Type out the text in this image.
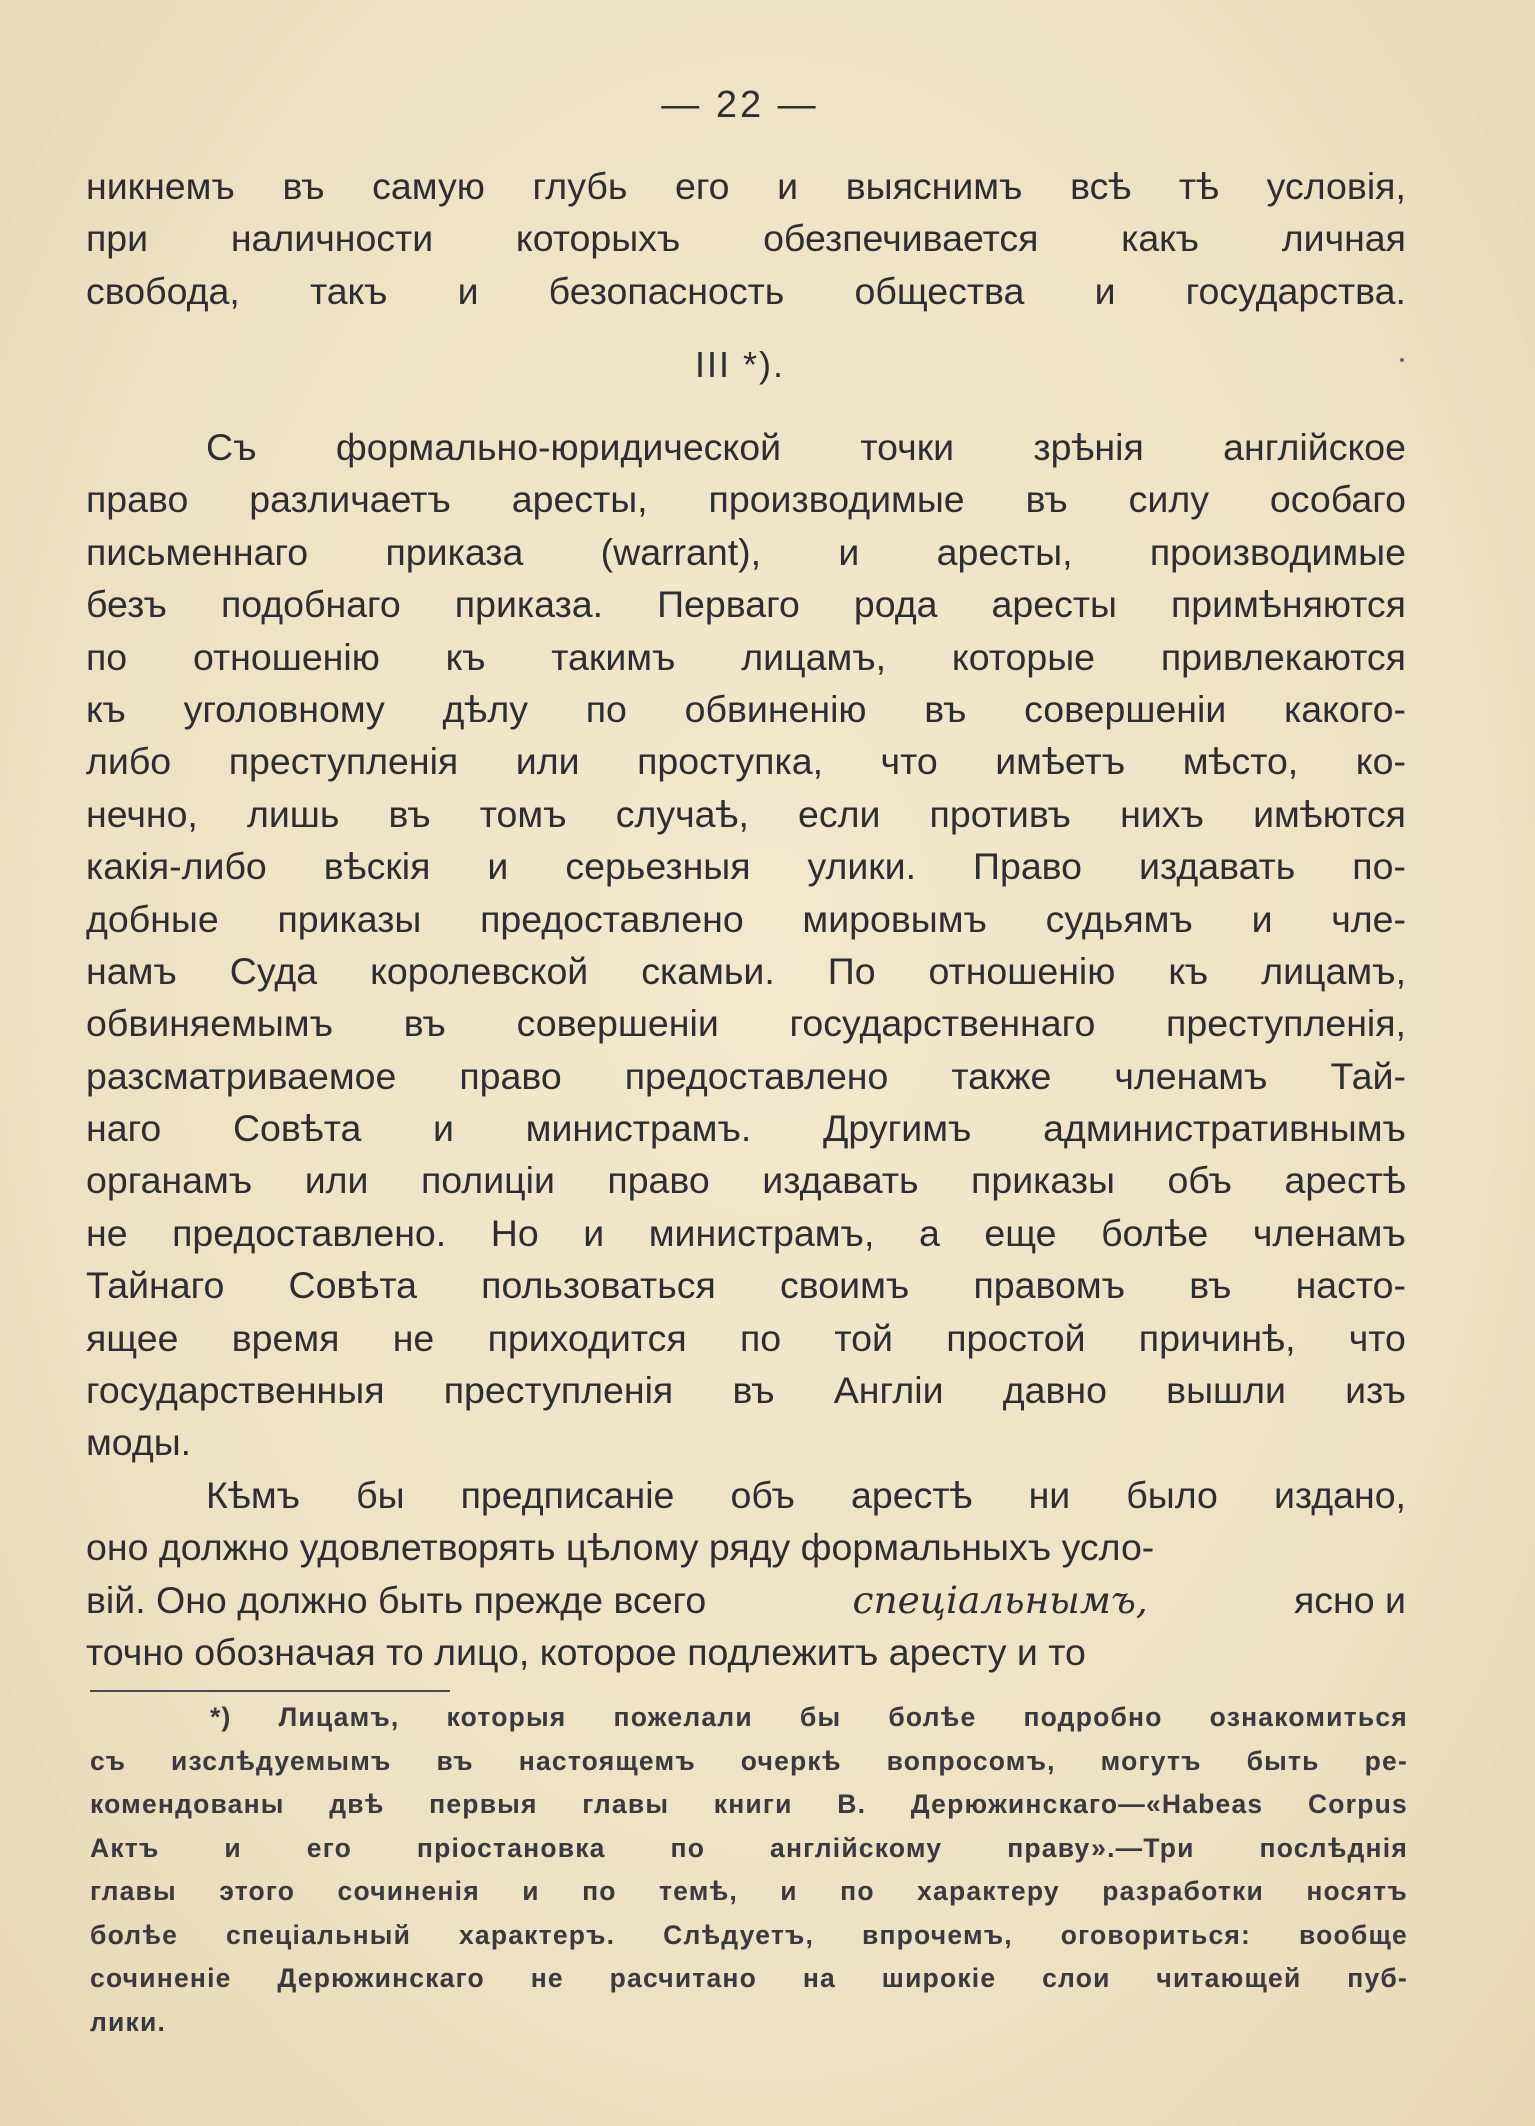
— 22 —
никнемъ въ самую глубь его и выяснимъ всѣ тѣ условія,
при наличности которыхъ обезпечивается какъ личная
свобода, такъ и безопасность общества и государства.
III *).
Съ формально-юридической точки зрѣнія англійское
право различаетъ аресты, производимые въ силу особаго
письменнаго приказа (warrant), и аресты, производимые
безъ подобнаго приказа. Перваго рода аресты примѣняются
по отношенію къ такимъ лицамъ, которые привлекаются
къ уголовному дѣлу по обвиненію въ совершеніи какого-
либо преступленія или проступка, что имѣетъ мѣсто, ко-
нечно, лишь въ томъ случаѣ, если противъ нихъ имѣются
какія-либо вѣскія и серьезныя улики. Право издавать по-
добные приказы предоставлено мировымъ судьямъ и чле-
намъ Суда королевской скамьи. По отношенію къ лицамъ,
обвиняемымъ въ совершеніи государственнаго преступленія,
разсматриваемое право предоставлено также членамъ Тай-
наго Совѣта и министрамъ. Другимъ административнымъ
органамъ или полиціи право издавать приказы объ арестѣ
не предоставлено. Но и министрамъ, а еще болѣе членамъ
Тайнаго Совѣта пользоваться своимъ правомъ въ насто-
ящее время не приходится по той простой причинѣ, что
государственныя преступленія въ Англіи давно вышли изъ
моды.
Кѣмъ бы предписаніе объ арестѣ ни было издано,
оно должно удовлетворять цѣлому ряду формальныхъ усло-
вій. Оно должно быть прежде всего	спеціальнымъ,	ясно и
точно обозначая то лицо, которое подлежитъ аресту и то
*) Лицамъ, которыя пожелали бы болѣе подробно ознакомиться
съ изслѣдуемымъ въ настоящемъ очеркѣ вопросомъ, могутъ быть ре-
комендованы двѣ первыя главы книги В. Дерюжинскаго—«Habeas Corpus
Актъ и его пріостановка по англійскому праву».—Три послѣднія
главы этого сочиненія и по темѣ, и по характеру разработки носятъ
болѣе спеціальный характеръ. Слѣдуетъ, впрочемъ, оговориться: вообще
сочиненіе Дерюжинскаго не расчитано на широкіе слои читающей пуб-
лики.
